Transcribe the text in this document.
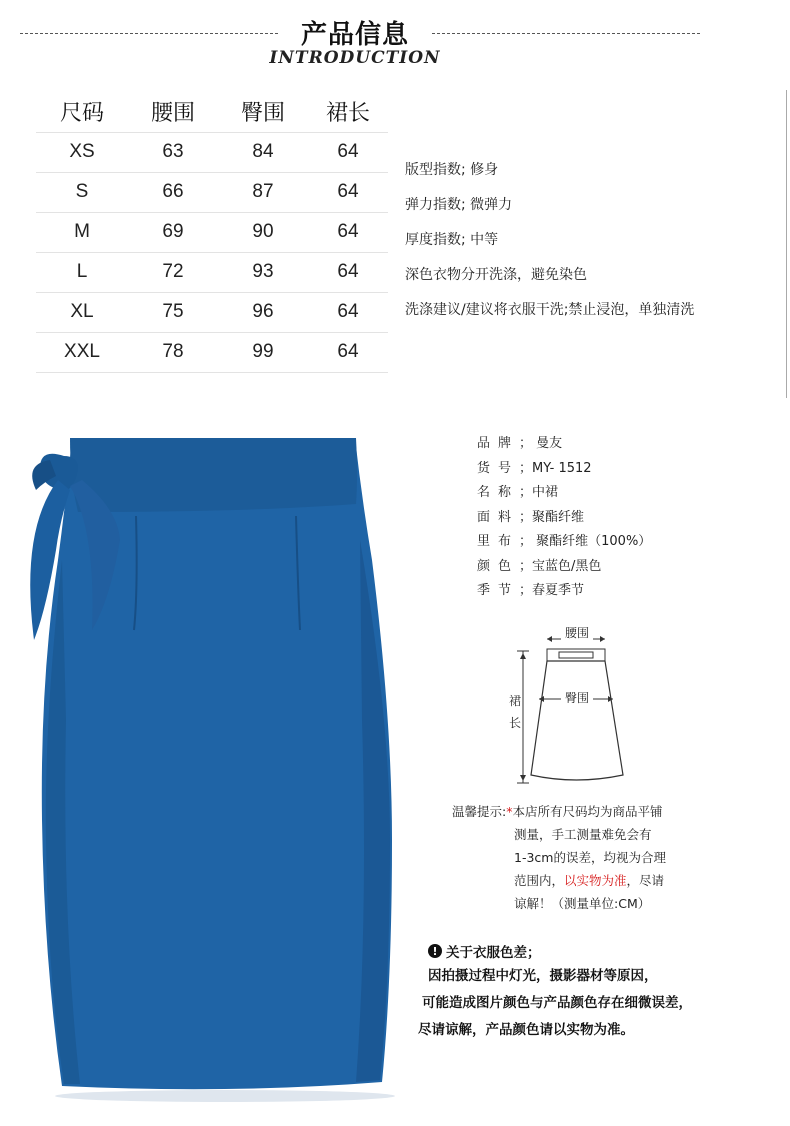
产品信息
INTRODUCTION
尺码	腰围	臀围	裙长
XS	63	84	64
S	66	87	64
M	69	90	64
L	72	93	64
XL	75	96	64
XXL	78	99	64
版型指数; 修身
弹力指数; 微弹力
厚度指数; 中等
深色衣物分开洗涤，避免染色
洗涤建议/建议将衣服干洗;禁止浸泡，单独清洗
品牌； 曼友
货号；MY- 1512
名称；中裙
面料；聚酯纤维
里布； 聚酯纤维（100%）
颜色；宝蓝色/黑色
季节；春夏季节
腰围
臀围
裙
长
温馨提示:*本店所有尺码均为商品平铺
测量，手工测量难免会有
1-3cm的误差，均视为合理
范围内，以实物为准，尽请
谅解！（测量单位:CM）
! 关于衣服色差；
因拍摄过程中灯光，摄影器材等原因，
可能造成图片颜色与产品颜色存在细微误差，
尽请谅解，产品颜色请以实物为准。
